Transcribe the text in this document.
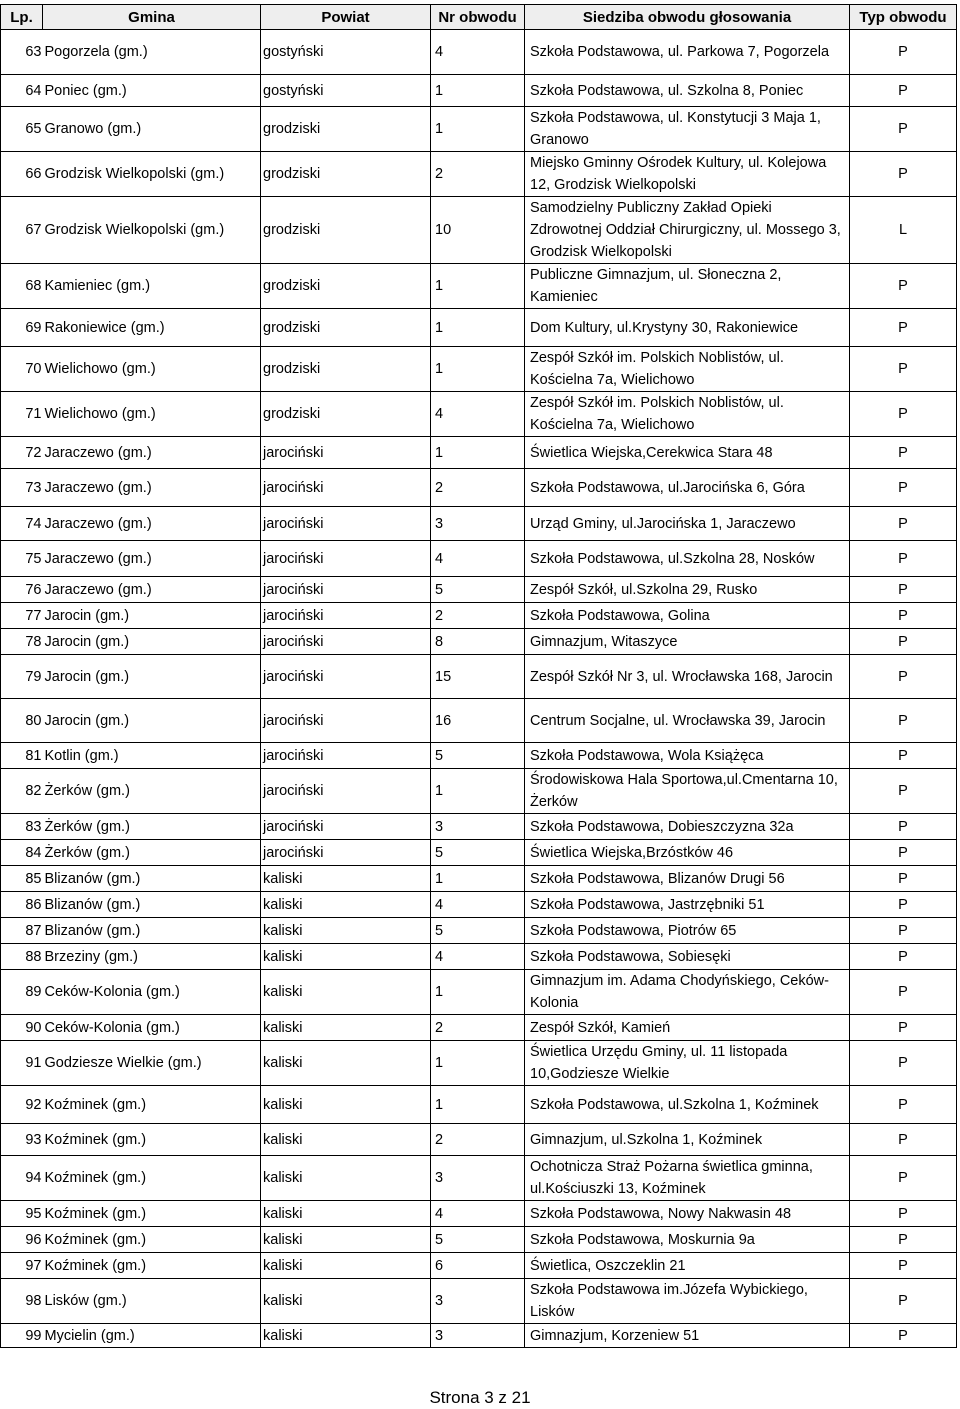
Lp.	Gmina	Powiat	Nr obwodu	Siedziba obwodu głosowania	Typ obwodu
63	Pogorzela (gm.)	gostyński	4	Szkoła Podstawowa, ul. Parkowa 7, Pogorzela	P
64	Poniec (gm.)	gostyński	1	Szkoła Podstawowa, ul. Szkolna 8, Poniec	P
65	Granowo (gm.)	grodziski	1	Szkoła Podstawowa, ul. Konstytucji 3 Maja 1, Granowo	P
66	Grodzisk Wielkopolski (gm.)	grodziski	2	Miejsko Gminny Ośrodek Kultury, ul. Kolejowa 12, Grodzisk Wielkopolski	P
67	Grodzisk Wielkopolski (gm.)	grodziski	10	Samodzielny Publiczny Zakład Opieki Zdrowotnej Oddział Chirurgiczny, ul. Mossego 3, Grodzisk Wielkopolski	L
68	Kamieniec (gm.)	grodziski	1	Publiczne Gimnazjum, ul. Słoneczna 2, Kamieniec	P
69	Rakoniewice (gm.)	grodziski	1	Dom Kultury, ul.Krystyny 30, Rakoniewice	P
70	Wielichowo (gm.)	grodziski	1	Zespół Szkół im. Polskich Noblistów, ul. Kościelna 7a, Wielichowo	P
71	Wielichowo (gm.)	grodziski	4	Zespół Szkół im. Polskich Noblistów, ul. Kościelna 7a, Wielichowo	P
72	Jaraczewo (gm.)	jarociński	1	Świetlica Wiejska,Cerekwica Stara 48	P
73	Jaraczewo (gm.)	jarociński	2	Szkoła Podstawowa, ul.Jarocińska 6, Góra	P
74	Jaraczewo (gm.)	jarociński	3	Urząd Gminy, ul.Jarocińska 1, Jaraczewo	P
75	Jaraczewo (gm.)	jarociński	4	Szkoła Podstawowa, ul.Szkolna 28, Nosków	P
76	Jaraczewo (gm.)	jarociński	5	Zespół Szkół, ul.Szkolna 29, Rusko	P
77	Jarocin (gm.)	jarociński	2	Szkoła Podstawowa, Golina	P
78	Jarocin (gm.)	jarociński	8	Gimnazjum, Witaszyce	P
79	Jarocin (gm.)	jarociński	15	Zespół Szkół Nr 3, ul. Wrocławska 168, Jarocin	P
80	Jarocin (gm.)	jarociński	16	Centrum Socjalne, ul. Wrocławska 39, Jarocin	P
81	Kotlin (gm.)	jarociński	5	Szkoła Podstawowa, Wola Książęca	P
82	Żerków (gm.)	jarociński	1	Środowiskowa Hala Sportowa,ul.Cmentarna 10, Żerków	P
83	Żerków (gm.)	jarociński	3	Szkoła Podstawowa, Dobieszczyzna 32a	P
84	Żerków (gm.)	jarociński	5	Świetlica Wiejska,Brzóstków 46	P
85	Blizanów (gm.)	kaliski	1	Szkoła Podstawowa, Blizanów Drugi 56	P
86	Blizanów (gm.)	kaliski	4	Szkoła Podstawowa, Jastrzębniki 51	P
87	Blizanów (gm.)	kaliski	5	Szkoła Podstawowa, Piotrów 65	P
88	Brzeziny (gm.)	kaliski	4	Szkoła Podstawowa, Sobiesęki	P
89	Ceków-Kolonia (gm.)	kaliski	1	Gimnazjum im. Adama Chodyńskiego, Ceków-Kolonia	P
90	Ceków-Kolonia (gm.)	kaliski	2	Zespół Szkół, Kamień	P
91	Godziesze Wielkie (gm.)	kaliski	1	Świetlica Urzędu Gminy, ul. 11 listopada 10,Godziesze Wielkie	P
92	Koźminek (gm.)	kaliski	1	Szkoła Podstawowa, ul.Szkolna 1, Koźminek	P
93	Koźminek (gm.)	kaliski	2	Gimnazjum, ul.Szkolna 1, Koźminek	P
94	Koźminek (gm.)	kaliski	3	Ochotnicza Straż Pożarna świetlica gminna, ul.Kościuszki 13, Koźminek	P
95	Koźminek (gm.)	kaliski	4	Szkoła Podstawowa, Nowy Nakwasin 48	P
96	Koźminek (gm.)	kaliski	5	Szkoła Podstawowa, Moskurnia 9a	P
97	Koźminek (gm.)	kaliski	6	Świetlica, Oszczeklin 21	P
98	Lisków (gm.)	kaliski	3	Szkoła Podstawowa im.Józefa Wybickiego, Lisków	P
99	Mycielin (gm.)	kaliski	3	Gimnazjum, Korzeniew 51	P
Strona 3 z 21
